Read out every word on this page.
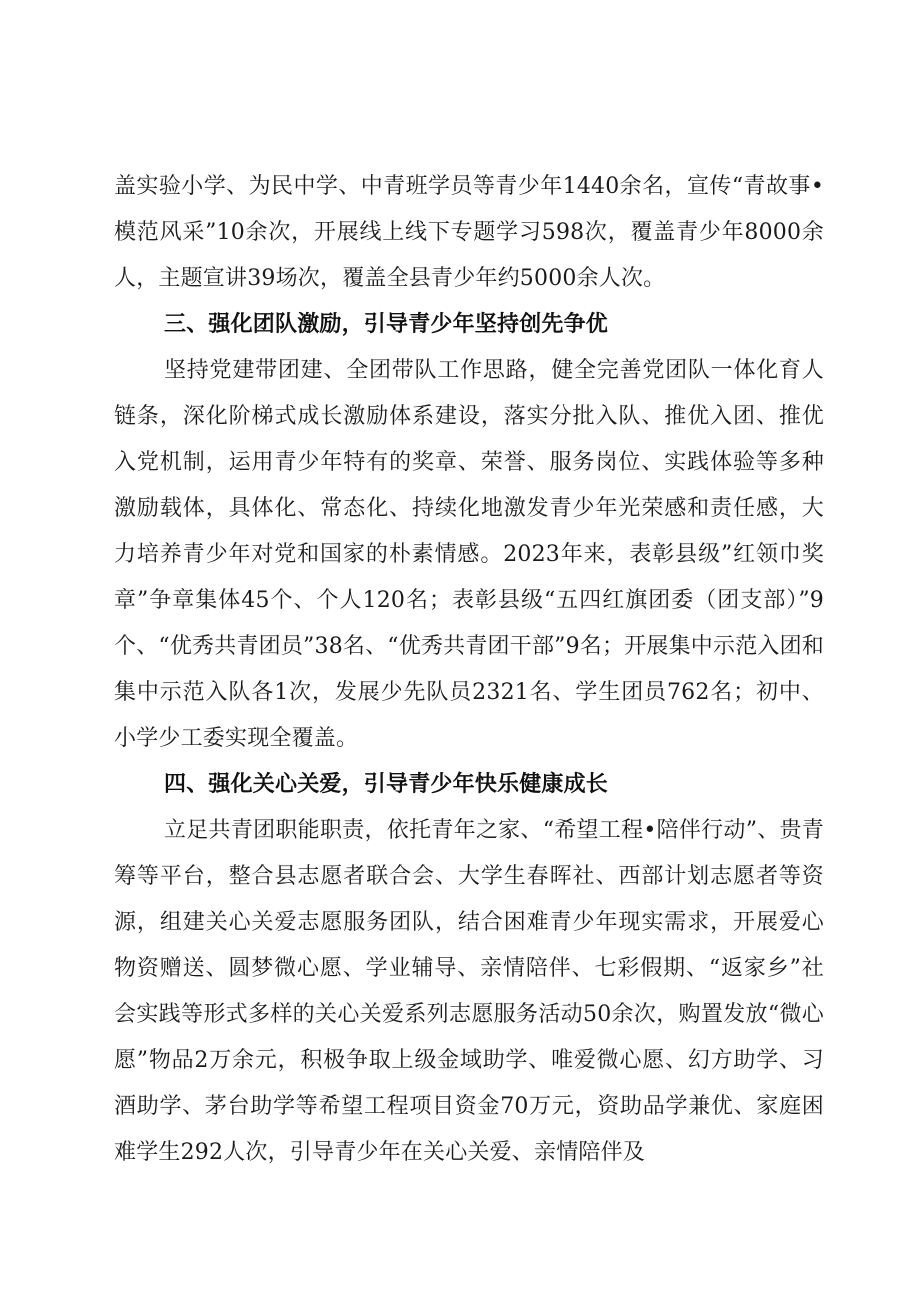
盖实验小学、为民中学、中青班学员等青少年1440余名，宣传“青故事•模范风采”10余次，开展线上线下专题学习598次，覆盖青少年8000余人，主题宣讲39场次，覆盖全县青少年约5000余人次。

三、强化团队激励，引导青少年坚持创先争优

坚持党建带团建、全团带队工作思路，健全完善党团队一体化育人链条，深化阶梯式成长激励体系建设，落实分批入队、推优入团、推优入党机制，运用青少年特有的奖章、荣誉、服务岗位、实践体验等多种激励载体，具体化、常态化、持续化地激发青少年光荣感和责任感，大力培养青少年对党和国家的朴素情感。2023年来，表彰县级”红领巾奖章”争章集体45个、个人120名；表彰县级“五四红旗团委（团支部）”9个、“优秀共青团员”38名、“优秀共青团干部”9名；开展集中示范入团和集中示范入队各1次，发展少先队员2321名、学生团员762名；初中、小学少工委实现全覆盖。

四、强化关心关爱，引导青少年快乐健康成长

立足共青团职能职责，依托青年之家、“希望工程•陪伴行动”、贵青筹等平台，整合县志愿者联合会、大学生春晖社、西部计划志愿者等资源，组建关心关爱志愿服务团队，结合困难青少年现实需求，开展爱心物资赠送、圆梦微心愿、学业辅导、亲情陪伴、七彩假期、“返家乡”社会实践等形式多样的关心关爱系列志愿服务活动50余次，购置发放“微心愿”物品2万余元，积极争取上级金域助学、唯爱微心愿、幻方助学、习酒助学、茅台助学等希望工程项目资金70万元，资助品学兼优、家庭困难学生292人次，引导青少年在关心关爱、亲情陪伴及
